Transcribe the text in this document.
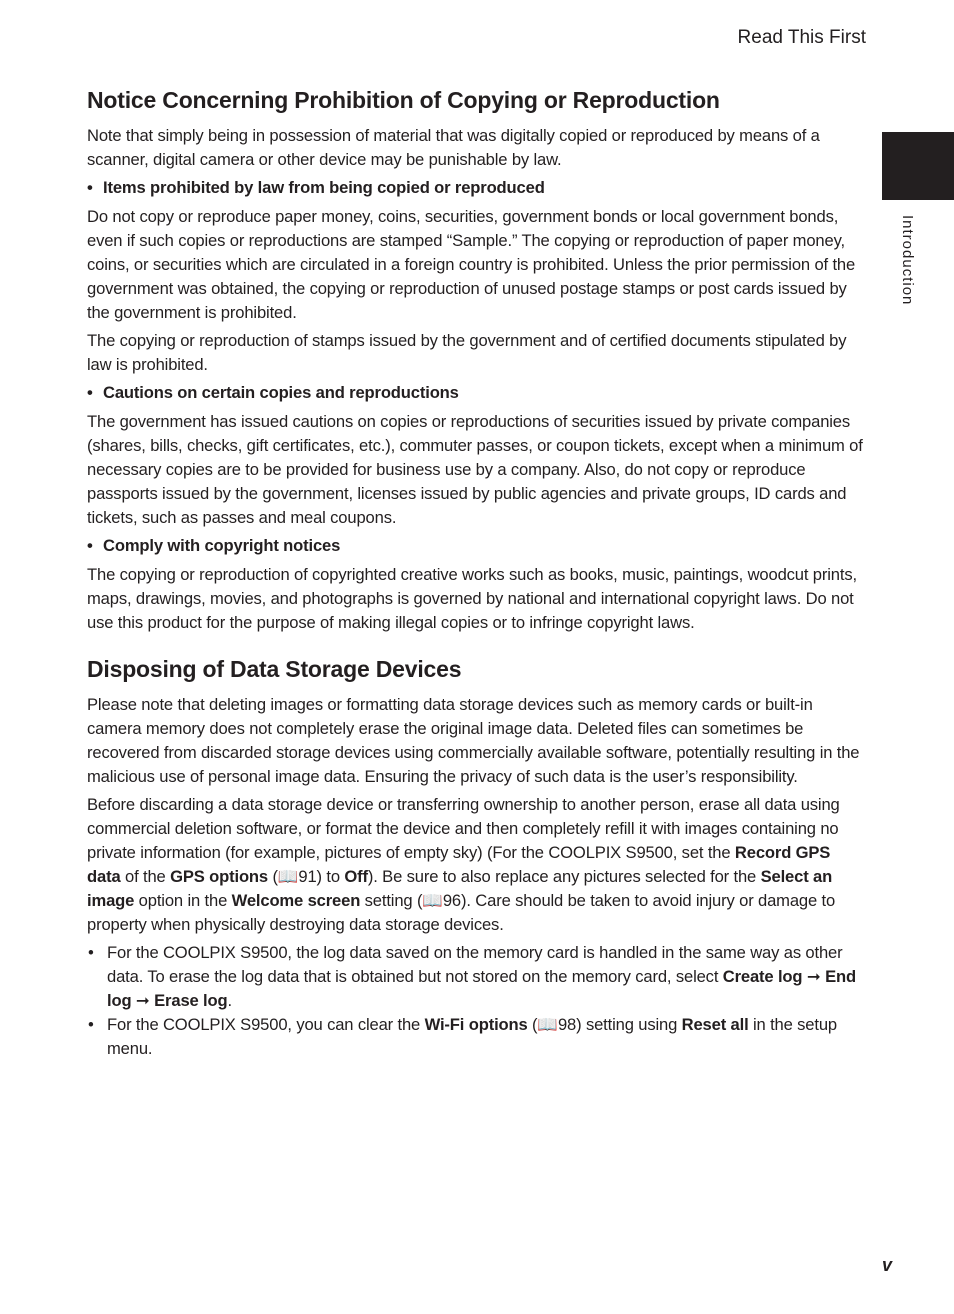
Read This First
Introduction
Notice Concerning Prohibition of Copying or Reproduction

Note that simply being in possession of material that was digitally copied or reproduced by means of a scanner, digital camera or other device may be punishable by law.

• Items prohibited by law from being copied or reproduced

Do not copy or reproduce paper money, coins, securities, government bonds or local government bonds, even if such copies or reproductions are stamped “Sample.” The copying or reproduction of paper money, coins, or securities which are circulated in a foreign country is prohibited. Unless the prior permission of the government was obtained, the copying or reproduction of unused postage stamps or post cards issued by the government is prohibited.

The copying or reproduction of stamps issued by the government and of certified documents stipulated by law is prohibited.

• Cautions on certain copies and reproductions

The government has issued cautions on copies or reproductions of securities issued by private companies (shares, bills, checks, gift certificates, etc.), commuter passes, or coupon tickets, except when a minimum of necessary copies are to be provided for business use by a company. Also, do not copy or reproduce passports issued by the government, licenses issued by public agencies and private groups, ID cards and tickets, such as passes and meal coupons.

• Comply with copyright notices

The copying or reproduction of copyrighted creative works such as books, music, paintings, woodcut prints, maps, drawings, movies, and photographs is governed by national and international copyright laws. Do not use this product for the purpose of making illegal copies or to infringe copyright laws.

Disposing of Data Storage Devices

Please note that deleting images or formatting data storage devices such as memory cards or built-in camera memory does not completely erase the original image data. Deleted files can sometimes be recovered from discarded storage devices using commercially available software, potentially resulting in the malicious use of personal image data. Ensuring the privacy of such data is the user’s responsibility.

Before discarding a data storage device or transferring ownership to another person, erase all data using commercial deletion software, or format the device and then completely refill it with images containing no private information (for example, pictures of empty sky) (For the COOLPIX S9500, set the Record GPS data of the GPS options (📖91) to Off). Be sure to also replace any pictures selected for the Select an image option in the Welcome screen setting (📖96). Care should be taken to avoid injury or damage to property when physically destroying data storage devices.

• For the COOLPIX S9500, the log data saved on the memory card is handled in the same way as other data. To erase the log data that is obtained but not stored on the memory card, select Create log ➞ End log ➞ Erase log.
• For the COOLPIX S9500, you can clear the Wi-Fi options (📖98) setting using Reset all in the setup menu.
v
